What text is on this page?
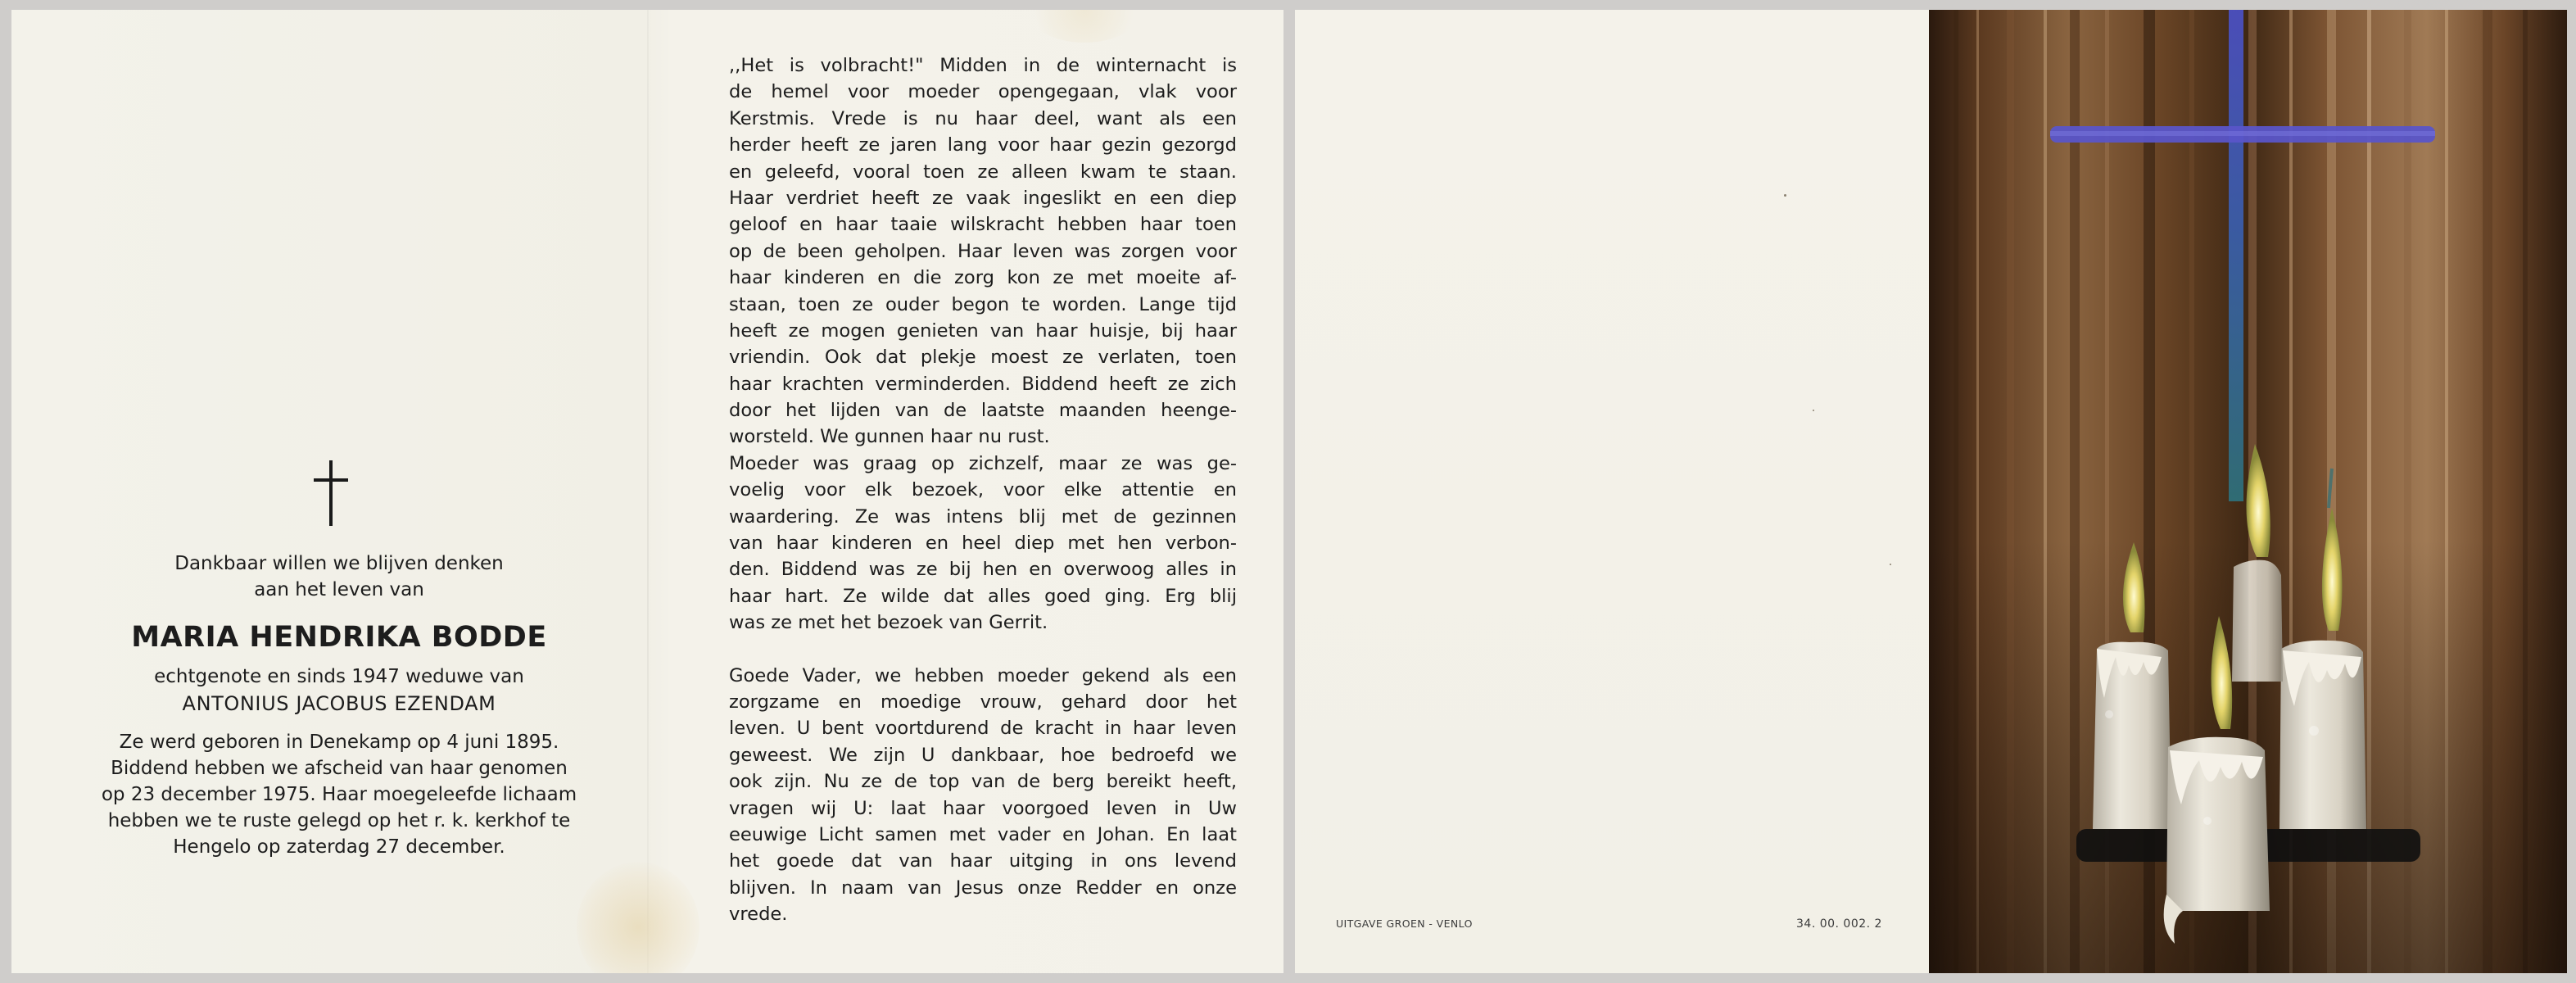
Dankbaar willen we blijven denken

aan het leven van

MARIA HENDRIKA BODDE

echtgenote en sinds 1947 weduwe van

ANTONIUS JACOBUS EZENDAM

Ze werd geboren in Denekamp op 4 juni 1895.

Biddend hebben we afscheid van haar genomen

op 23 december 1975. Haar moegeleefde lichaam

hebben we te ruste gelegd op het r. k. kerkhof te

Hengelo op zaterdag 27 december.

,,Het is volbracht!" Midden in de winternacht is
de hemel voor moeder opengegaan, vlak voor
Kerstmis. Vrede is nu haar deel, want als een
herder heeft ze jaren lang voor haar gezin gezorgd
en geleefd, vooral toen ze alleen kwam te staan.
Haar verdriet heeft ze vaak ingeslikt en een diep
geloof en haar taaie wilskracht hebben haar toen
op de been geholpen. Haar leven was zorgen voor
haar kinderen en die zorg kon ze met moeite af-
staan, toen ze ouder begon te worden. Lange tijd
heeft ze mogen genieten van haar huisje, bij haar
vriendin. Ook dat plekje moest ze verlaten, toen
haar krachten verminderden. Biddend heeft ze zich
door het lijden van de laatste maanden heenge-
worsteld. We gunnen haar nu rust.
Moeder was graag op zichzelf, maar ze was ge-
voelig voor elk bezoek, voor elke attentie en
waardering. Ze was intens blij met de gezinnen
van haar kinderen en heel diep met hen verbon-
den. Biddend was ze bij hen en overwoog alles in
haar hart. Ze wilde dat alles goed ging. Erg blij
was ze met het bezoek van Gerrit.
Goede Vader, we hebben moeder gekend als een
zorgzame en moedige vrouw, gehard door het
leven. U bent voortdurend de kracht in haar leven
geweest. We zijn U dankbaar, hoe bedroefd we
ook zijn. Nu ze de top van de berg bereikt heeft,
vragen wij U: laat haar voorgoed leven in Uw
eeuwige Licht samen met vader en Johan. En laat
het goede dat van haar uitging in ons levend
blijven. In naam van Jesus onze Redder en onze
vrede.	UITGAVE GROEN - VENLO	34. 00. 002. 2
